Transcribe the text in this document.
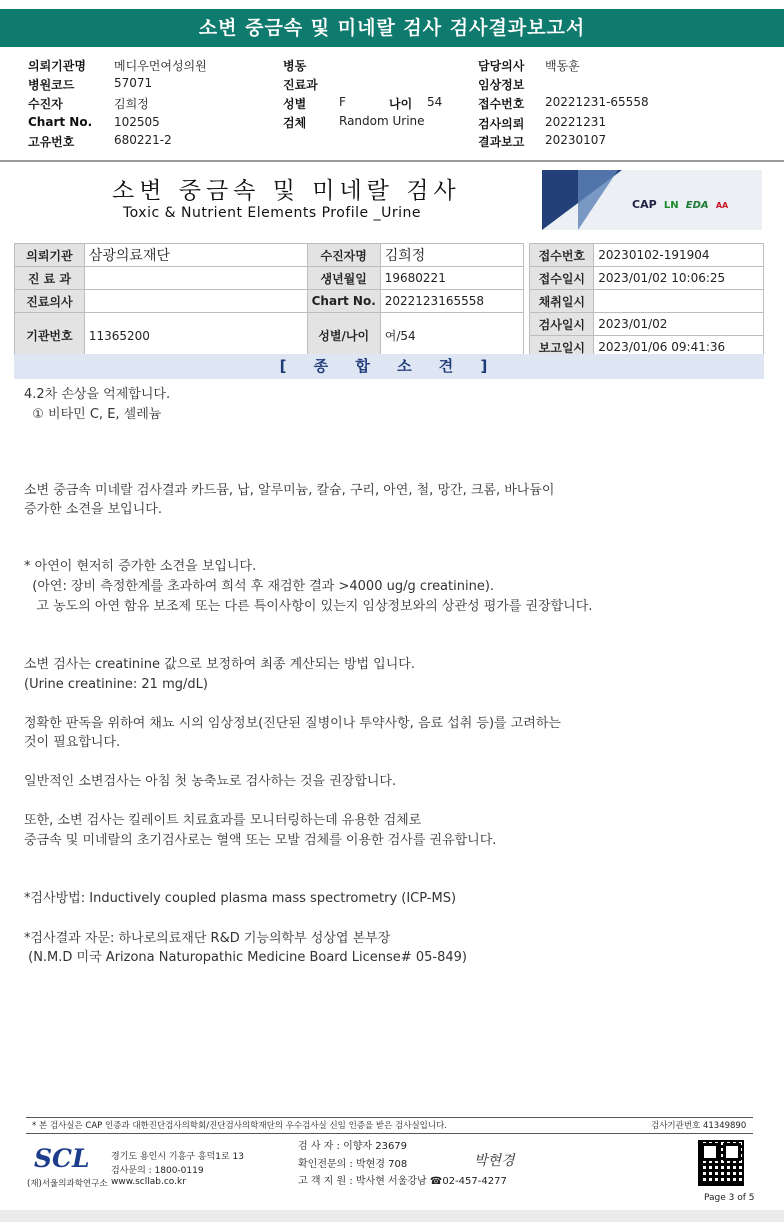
소변 중금속 및 미네랄 검사 검사결과보고서
의뢰기관명 메디우먼여성의원
병원코드	57071
수진자	김희정
Chart No. 102505
고유번호	680221-2
병동
진료과
성별	F	나이 54
검체	Random Urine
담당의사 백동훈
임상정보
접수번호 20221231-65558
검사의뢰 20221231
결과보고 20230107
소변 중금속 및 미네랄 검사
Toxic & Nutrient Elements Profile _Urine
CAP LN EDA AA
의뢰기관	삼광의료재단	수진자명	김희정		접수번호	20230102-191904
진 료 과		생년월일	19680221		접수일시	2023/01/02 10:06:25
진료의사		Chart No.	2022123165558		채취일시	
기관번호	11365200	성별/나이	여/54		검사일시	2023/01/02
					보고일시	2023/01/06 09:41:36
[ 종 합 소 견 ]
4.2차 손상을 억제합니다.
① 비타민 C, E, 셀레늄
소변 중금속 미네랄 검사결과 카드뮴, 납, 알루미늄, 칼슘, 구리, 아연, 철, 망간, 크롬, 바나듐이
증가한 소견을 보입니다.
* 아연이 현저히 증가한 소견을 보입니다.
(아연: 장비 측정한계를 초과하여 희석 후 재검한 결과 >4000 ug/g creatinine).
고 농도의 아연 함유 보조제 또는 다른 특이사항이 있는지 임상정보와의 상관성 평가를 권장합니다.
소변 검사는 creatinine 값으로 보정하여 최종 계산되는 방법 입니다.
(Urine creatinine: 21 mg/dL)
정확한 판독을 위하여 채뇨 시의 임상정보(진단된 질병이나 투약사항, 음료 섭취 등)를 고려하는
것이 필요합니다.
일반적인 소변검사는 아침 첫 농축뇨로 검사하는 것을 권장합니다.
또한, 소변 검사는 킬레이트 치료효과를 모니터링하는데 유용한 검체로
중금속 및 미네랄의 초기검사로는 혈액 또는 모발 검체를 이용한 검사를 권유합니다.
*검사방법: Inductively coupled plasma mass spectrometry (ICP-MS)
*검사결과 자문: 하나로의료재단 R&D 기능의학부 성상엽 본부장
(N.M.D 미국 Arizona Naturopathic Medicine Board License# 05-849)
* 본 검사실은 CAP 인증과 대한진단검사의학회/진단검사의학재단의 우수검사실 신임 인증을 받은 검사실입니다.	검사기관번호 41349890
SCL
(재)서울의과학연구소
경기도 용인시 기흥구 흥덕1로 13
검사문의 : 1800-0119
www.scllab.co.kr
검 사 자 : 이향자 23679
확인전문의 : 박현경 708
고 객 지 원 : 박사현 서울강남 ☎02-457-4277
박현경
Page 3 of 5
